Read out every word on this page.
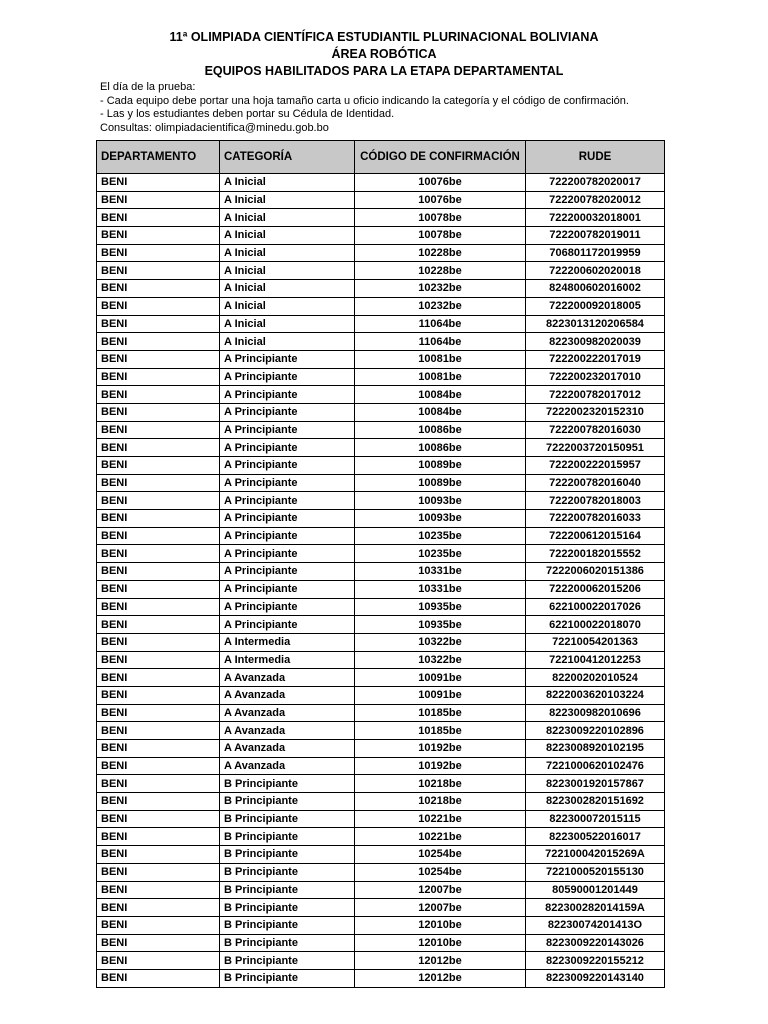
11ª OLIMPIADA CIENTÍFICA ESTUDIANTIL PLURINACIONAL BOLIVIANA
ÁREA ROBÓTICA
EQUIPOS HABILITADOS PARA LA ETAPA DEPARTAMENTAL
El día de la prueba:
- Cada equipo debe portar una hoja tamaño carta u oficio indicando la categoría y el código de confirmación.
- Las y los estudiantes deben portar su Cédula de Identidad.
Consultas: olimpiadacientifica@minedu.gob.bo
DEPARTAMENTO	CATEGORÍA	CÓDIGO DE CONFIRMACIÓN	RUDE
BENI	A Inicial	10076be	722200782020017
BENI	A Inicial	10076be	722200782020012
BENI	A Inicial	10078be	722200032018001
BENI	A Inicial	10078be	722200782019011
BENI	A Inicial	10228be	706801172019959
BENI	A Inicial	10228be	722200602020018
BENI	A Inicial	10232be	824800602016002
BENI	A Inicial	10232be	722200092018005
BENI	A Inicial	11064be	8223013120206584
BENI	A Inicial	11064be	822300982020039
BENI	A Principiante	10081be	722200222017019
BENI	A Principiante	10081be	722200232017010
BENI	A Principiante	10084be	722200782017012
BENI	A Principiante	10084be	7222002320152310
BENI	A Principiante	10086be	722200782016030
BENI	A Principiante	10086be	7222003720150951
BENI	A Principiante	10089be	722200222015957
BENI	A Principiante	10089be	722200782016040
BENI	A Principiante	10093be	722200782018003
BENI	A Principiante	10093be	722200782016033
BENI	A Principiante	10235be	722200612015164
BENI	A Principiante	10235be	722200182015552
BENI	A Principiante	10331be	7222006020151386
BENI	A Principiante	10331be	722200062015206
BENI	A Principiante	10935be	622100022017026
BENI	A Principiante	10935be	622100022018070
BENI	A Intermedia	10322be	72210054201363
BENI	A Intermedia	10322be	722100412012253
BENI	A Avanzada	10091be	82200202010524
BENI	A Avanzada	10091be	8222003620103224
BENI	A Avanzada	10185be	822300982010696
BENI	A Avanzada	10185be	8223009220102896
BENI	A Avanzada	10192be	8223008920102195
BENI	A Avanzada	10192be	7221000620102476
BENI	B Principiante	10218be	8223001920157867
BENI	B Principiante	10218be	8223002820151692
BENI	B Principiante	10221be	822300072015115
BENI	B Principiante	10221be	822300522016017
BENI	B Principiante	10254be	722100042015269A
BENI	B Principiante	10254be	7221000520155130
BENI	B Principiante	12007be	80590001201449
BENI	B Principiante	12007be	822300282014159A
BENI	B Principiante	12010be	82230074201413O
BENI	B Principiante	12010be	8223009220143026
BENI	B Principiante	12012be	8223009220155212
BENI	B Principiante	12012be	8223009220143140
